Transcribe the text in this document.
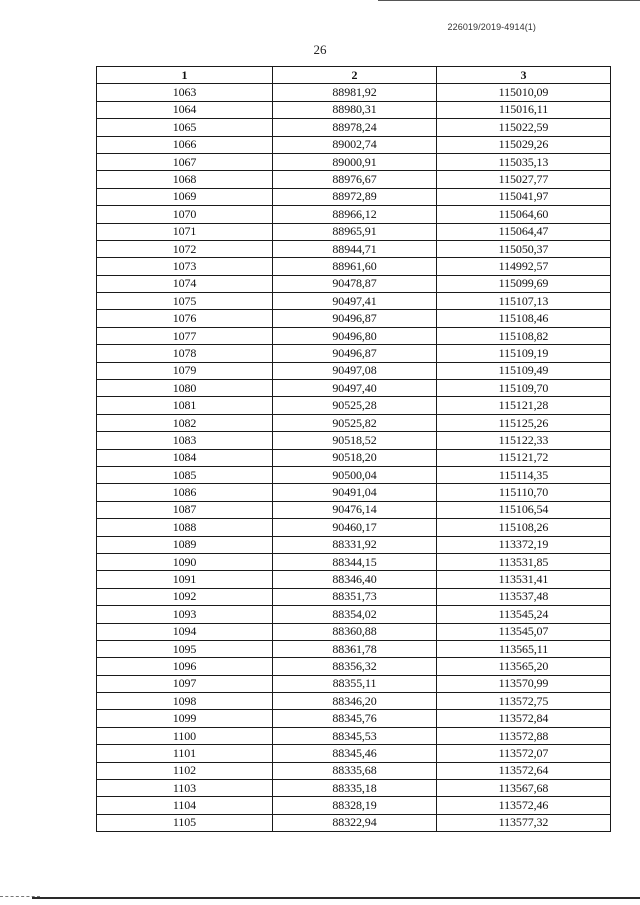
226019/2019-4914(1)
26
1	2	3
1063	88981,92	115010,09
1064	88980,31	115016,11
1065	88978,24	115022,59
1066	89002,74	115029,26
1067	89000,91	115035,13
1068	88976,67	115027,77
1069	88972,89	115041,97
1070	88966,12	115064,60
1071	88965,91	115064,47
1072	88944,71	115050,37
1073	88961,60	114992,57
1074	90478,87	115099,69
1075	90497,41	115107,13
1076	90496,87	115108,46
1077	90496,80	115108,82
1078	90496,87	115109,19
1079	90497,08	115109,49
1080	90497,40	115109,70
1081	90525,28	115121,28
1082	90525,82	115125,26
1083	90518,52	115122,33
1084	90518,20	115121,72
1085	90500,04	115114,35
1086	90491,04	115110,70
1087	90476,14	115106,54
1088	90460,17	115108,26
1089	88331,92	113372,19
1090	88344,15	113531,85
1091	88346,40	113531,41
1092	88351,73	113537,48
1093	88354,02	113545,24
1094	88360,88	113545,07
1095	88361,78	113565,11
1096	88356,32	113565,20
1097	88355,11	113570,99
1098	88346,20	113572,75
1099	88345,76	113572,84
1100	88345,53	113572,88
1101	88345,46	113572,07
1102	88335,68	113572,64
1103	88335,18	113567,68
1104	88328,19	113572,46
1105	88322,94	113577,32
